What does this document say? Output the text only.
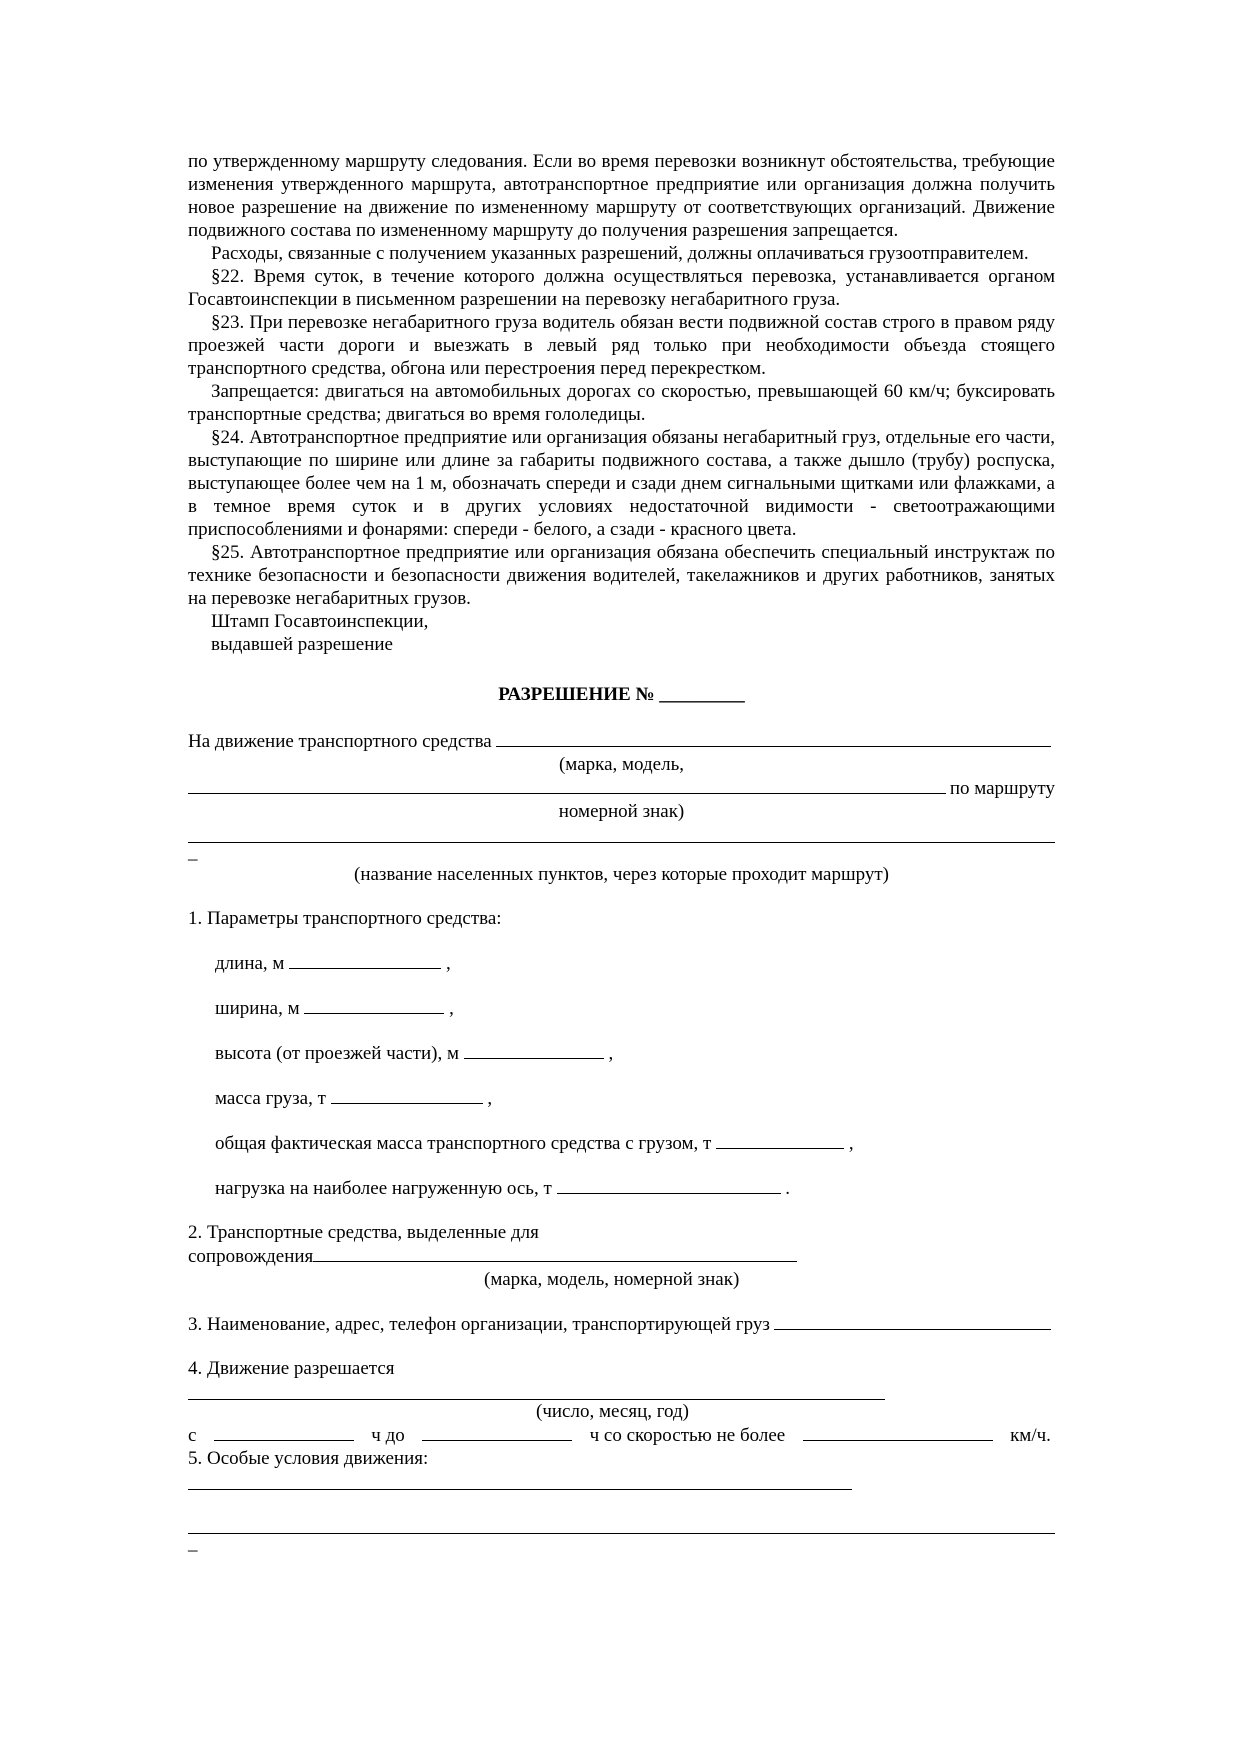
по утвержденному маршруту следования. Если во время перевозки возникнут обстоятельства, требующие изменения утвержденного маршрута, автотранспортное предприятие или организация должна получить новое разрешение на движение по измененному маршруту от соответствующих организаций. Движение подвижного состава по измененному маршруту до получения разрешения запрещается.

Расходы, связанные с получением указанных разрешений, должны оплачиваться грузоотправителем.

§22. Время суток, в течение которого должна осуществляться перевозка, устанавливается органом Госавтоинспекции в письменном разрешении на перевозку негабаритного груза.

§23. При перевозке негабаритного груза водитель обязан вести подвижной состав строго в правом ряду проезжей части дороги и выезжать в левый ряд только при необходимости объезда стоящего транспортного средства, обгона или перестроения перед перекрестком.

Запрещается: двигаться на автомобильных дорогах со скоростью, превышающей 60 км/ч; буксировать транспортные средства; двигаться во время гололедицы.

§24. Автотранспортное предприятие или организация обязаны негабаритный груз, отдельные его части, выступающие по ширине или длине за габариты подвижного состава, а также дышло (трубу) роспуска, выступающее более чем на 1 м, обозначать спереди и сзади днем сигнальными щитками или флажками, а в темное время суток и в других условиях недостаточной видимости - светоотражающими приспособлениями и фонарями: спереди - белого, а сзади - красного цвета.

§25. Автотранспортное предприятие или организация обязана обеспечить специальный инструктаж по технике безопасности и безопасности движения водителей, такелажников и других работников, занятых на перевозке негабаритных грузов.

Штамп Госавтоинспекции,
выдавшей разрешение
РАЗРЕШЕНИЕ № _________
На движение транспортного средства
(марка, модель,
по маршруту
номерной знак)
_
(название населенных пунктов, через которые проходит маршрут)
1. Параметры транспортного средства:
длина, м	,
ширина, м	,
высота (от проезжей части), м	,
масса груза, т	,
общая фактическая масса транспортного средства с грузом, т	,
нагрузка на наиболее нагруженную ось, т	.
2. Транспортные средства, выделенные для
сопровождения
(марка, модель, номерной знак)
3. Наименование, адрес, телефон организации, транспортирующей груз
4. Движение разрешается
(число, месяц, год)
с	ч до	ч со скоростью не более	км/ч.
5. Особые условия движения:
_
